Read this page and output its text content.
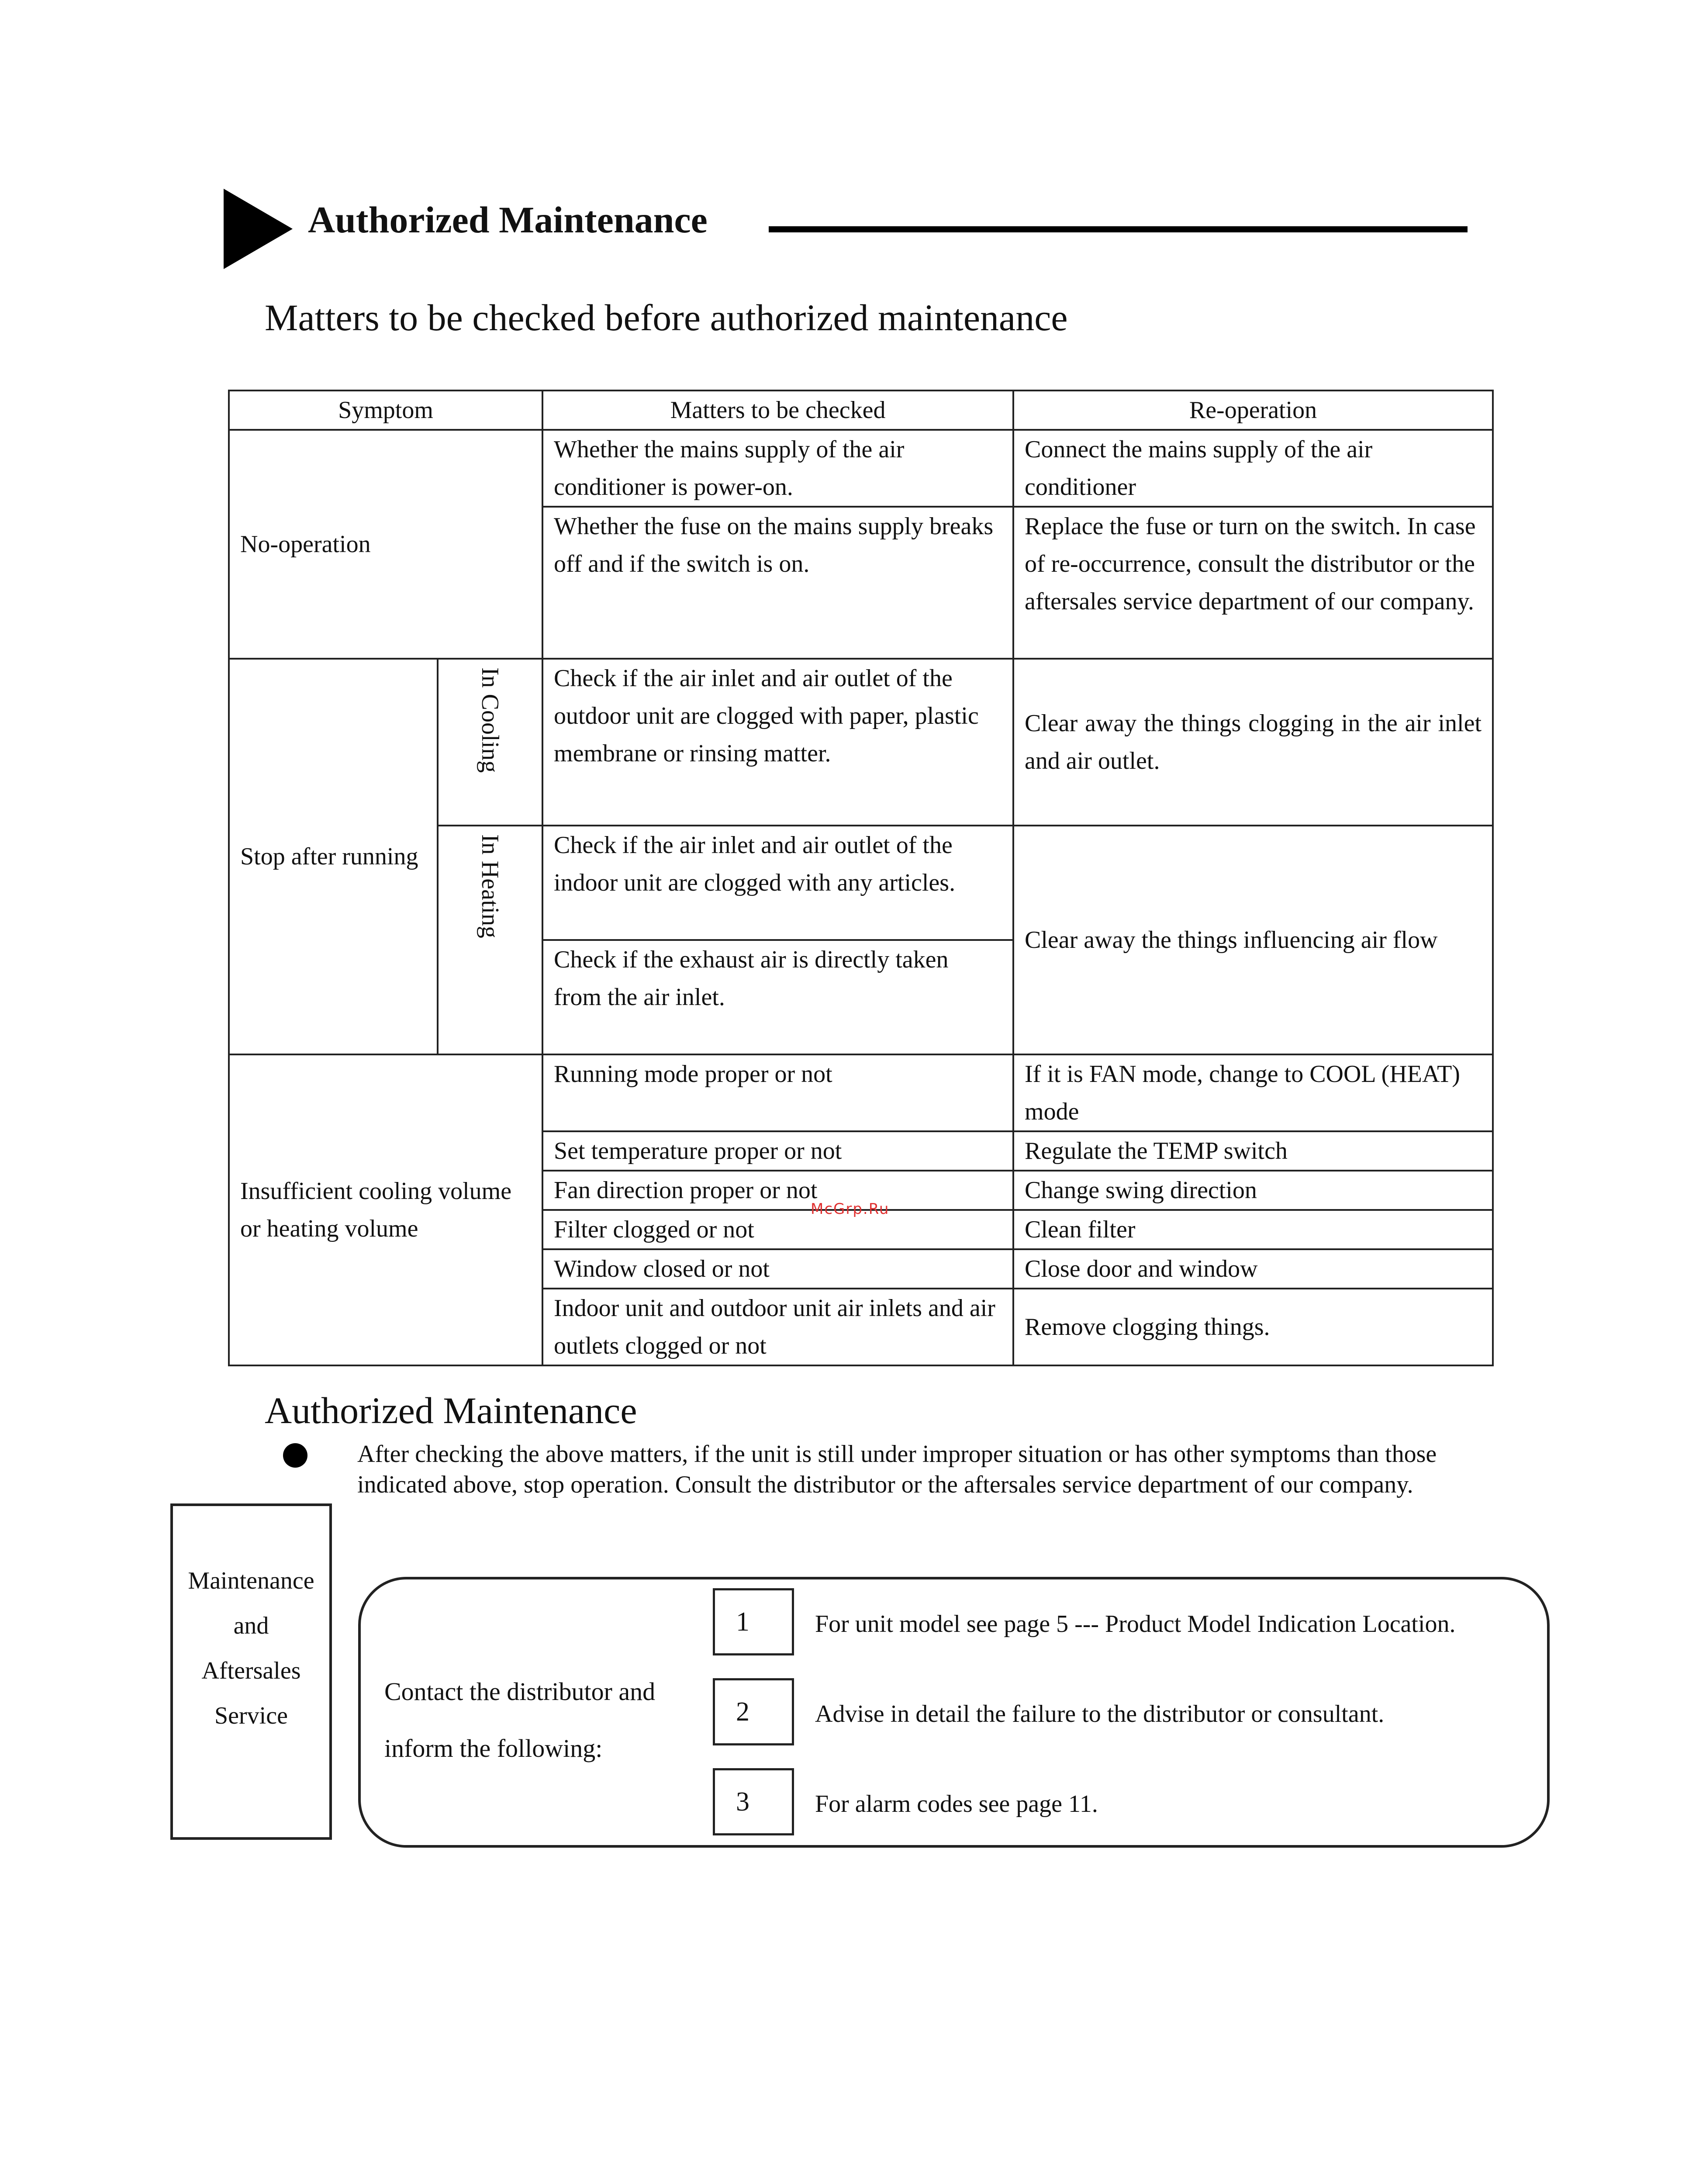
Authorized Maintenance
Matters to be checked before authorized maintenance
Symptom		Matters to be checked	Re-operation
No-operation		Whether the mains supply of the air conditioner is power-on.	Connect the mains supply of the air conditioner
		Whether the fuse on the mains supply breaks off and if the switch is on.	Replace the fuse or turn on the switch. In case of re-occurrence, consult the distributor or the aftersales service department of our company.
Stop after running	In Cooling	Check if the air inlet and air outlet of the outdoor unit are clogged with paper, plastic membrane or rinsing matter.	Clear away the things clogging in the air inlet and air outlet.
	In Heating	Check if the air inlet and air outlet of the indoor unit are clogged with any articles.	Clear away the things influencing air flow
		Check if the exhaust air is directly taken from the air inlet.	
Insufficient cooling volume or heating volume		Running mode proper or not	If it is FAN mode, change to COOL (HEAT) mode
		Set temperature proper or not	Regulate the TEMP switch
		Fan direction proper or not	Change swing direction
		Filter clogged or not	Clean filter
		Window closed or not	Close door and window
		Indoor unit and outdoor unit air inlets and air outlets clogged or not	Remove clogging things.
McGrp.Ru
Authorized Maintenance
After checking the above matters, if the unit is still under improper situation or has other symptoms than those indicated above, stop operation. Consult the distributor or the aftersales service department of our company.
Maintenance
and
Aftersales
Service
Contact the distributor and inform the following:
1	For unit model see page 5 --- Product Model Indication Location.
2	Advise in detail the failure to the distributor or consultant.
3	For alarm codes see page 11.
